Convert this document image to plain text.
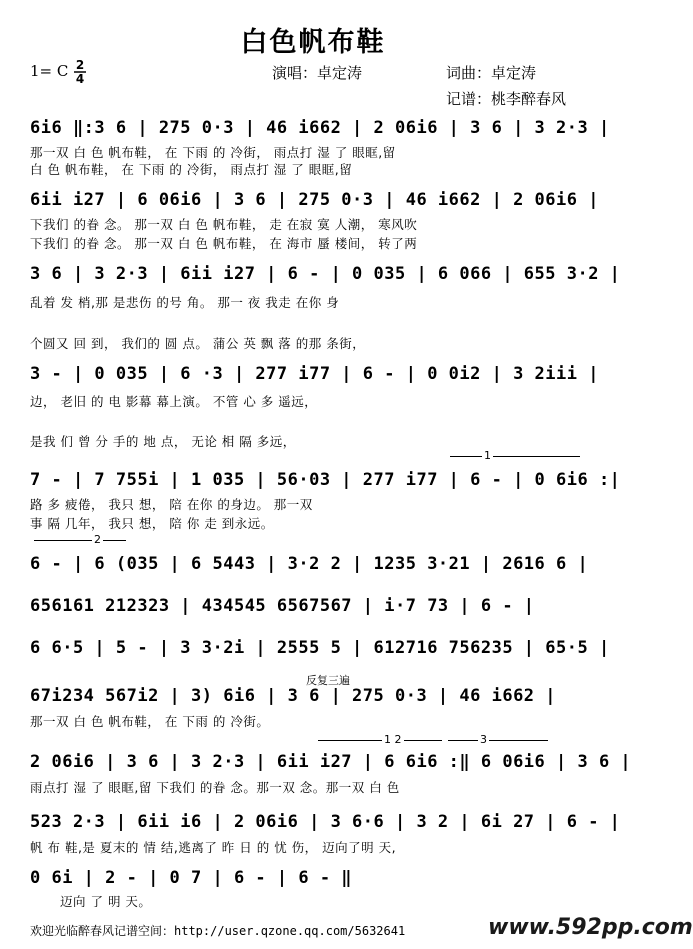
白色帆布鞋
1= C 2
4	演唱：卓定涛	词曲：卓定涛
记谱：桃李醉春风
6i6 ‖:3 6 | 275 0·3 | 46 i662 | 2 06i6 | 3 6 | 3 2·3 |
那一双 白 色 帆布鞋， 在 下雨 的 冷街， 雨点打 湿 了 眼眶,留
白 色 帆布鞋， 在 下雨 的 冷街， 雨点打 湿 了 眼眶,留
6ii i27 | 6 06i6 | 3 6 | 275 0·3 | 46 i662 | 2 06i6 |
下我们 的眷 念。 那一双 白 色 帆布鞋， 走 在寂 寞 人潮， 寒风吹
下我们 的眷 念。 那一双 白 色 帆布鞋， 在 海市 蜃 楼间， 转了两
3 6 | 3 2·3 | 6ii i27 | 6 - | 0 035 | 6 066 | 655 3·2 |
乱着 发 梢,那 是悲伤 的号 角。 那一 夜 我走 在你 身
个圆又 回 到， 我们的 圆 点。 蒲公 英 飘 落 的那 条街，
3 - | 0 035 | 6 ·3 | 277 i77 | 6 - | 0 0i2 | 3 2iii |
边， 老旧 的 电 影幕 幕上演。 不管 心 多 遥远，
是我 们 曾 分 手的 地 点， 无论 相 隔 多远，
1
7 - | 7 755i | 1 035 | 56·03 | 277 i77 | 6 - | 0 6i6 :|
路 多 疲倦， 我只 想， 陪 在你 的身边。 那一双
事 隔 几年， 我只 想， 陪 你 走 到永远。
2
6 - | 6 (035 | 6 5443 | 3·2 2 | 1235 3·21 | 2616 6 |
656161 212323 | 434545 6567567 | i·7 73 | 6 - |
6 6·5 | 5 - | 3 3·2i | 2555 5 | 612716 756235 | 65·5 |
反复三遍
67i234 567i2 | 3) 6i6 | 3 6 | 275 0·3 | 46 i662 |
那一双 白 色 帆布鞋， 在 下雨 的 冷街。
1 2	3
2 06i6 | 3 6 | 3 2·3 | 6ii i27 | 6 6i6 :‖ 6 06i6 | 3 6 |
雨点打 湿 了 眼眶,留 下我们 的眷 念。那一双 念。那一双 白 色
523 2·3 | 6ii i6 | 2 06i6 | 3 6·6 | 3 2 | 6i 27 | 6 - |
帆 布 鞋,是 夏末的 情 结,逃离了 昨 日 的 忧 伤， 迈向了明 天,
0 6i | 2 - | 0 7 | 6 - | 6 - ‖
迈向 了 明 天。
欢迎光临醉春风记谱空间：http://user.qzone.qq.com/5632641	www.592pp.com
